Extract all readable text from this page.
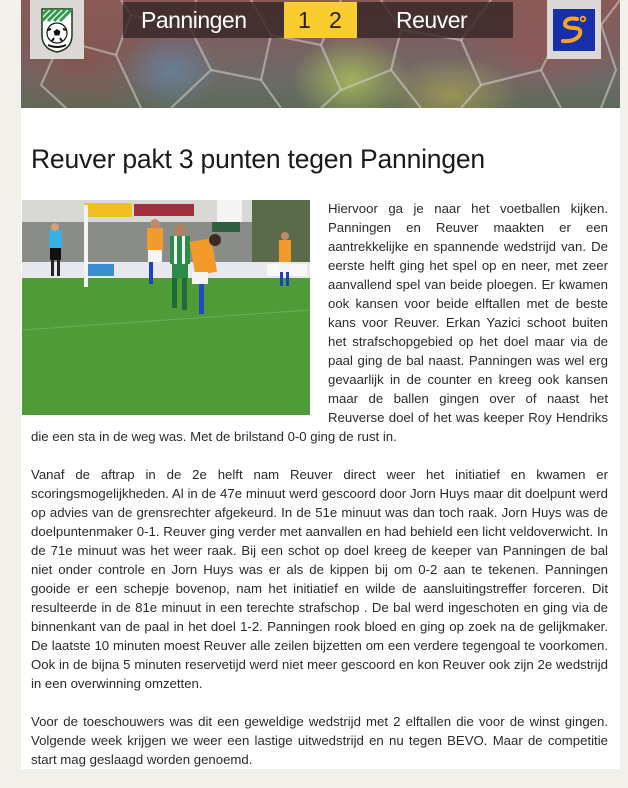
Panningen 1 2 Reuver
Reuver pakt 3 punten tegen Panningen

Hiervoor ga je naar het voetballen kijken. Panningen en Reuver maakten er een aantrekkelijke en spannende wedstrijd van. De eerste helft ging het spel op en neer, met zeer aanvallend spel van beide ploegen. Er kwamen ook kansen voor beide elftallen met de beste kans voor Reuver. Erkan Yazici schoot buiten het strafschopgebied op het doel maar via de paal ging de bal naast. Panningen was wel erg gevaarlijk in de counter en kreeg ook kansen maar de ballen gingen over of naast het Reuverse doel of het was keeper Roy Hendriks die een sta in de weg was. Met de brilstand 0-0 ging de rust in.

Vanaf de aftrap in de 2e helft nam Reuver direct weer het initiatief en kwamen er scoringsmogelijkheden. Al in de 47e minuut werd gescoord door Jorn Huys maar dit doelpunt werd op advies van de grensrechter afgekeurd. In de 51e minuut was dan toch raak. Jorn Huys was de doelpuntenmaker 0-1. Reuver ging verder met aanvallen en had behield een licht veldoverwicht. In de 71e minuut was het weer raak. Bij een schot op doel kreeg de keeper van Panningen de bal niet onder controle en Jorn Huys was er als de kippen bij om 0-2 aan te tekenen. Panningen gooide er een schepje bovenop, nam het initiatief en wilde de aansluitingstreffer forceren. Dit resulteerde in de 81e minuut in een terechte strafschop . De bal werd ingeschoten en ging via de binnenkant van de paal in het doel 1-2. Panningen rook bloed en ging op zoek na de gelijkmaker. De laatste 10 minuten moest Reuver alle zeilen bijzetten om een verdere tegengoal te voorkomen. Ook in de bijna 5 minuten reservetijd werd niet meer gescoord en kon Reuver ook zijn 2e wedstrijd in een overwinning omzetten.

Voor de toeschouwers was dit een geweldige wedstrijd met 2 elftallen die voor de winst gingen. Volgende week krijgen we weer een lastige uitwedstrijd en nu tegen BEVO. Maar de competitie start mag geslaagd worden genoemd.
